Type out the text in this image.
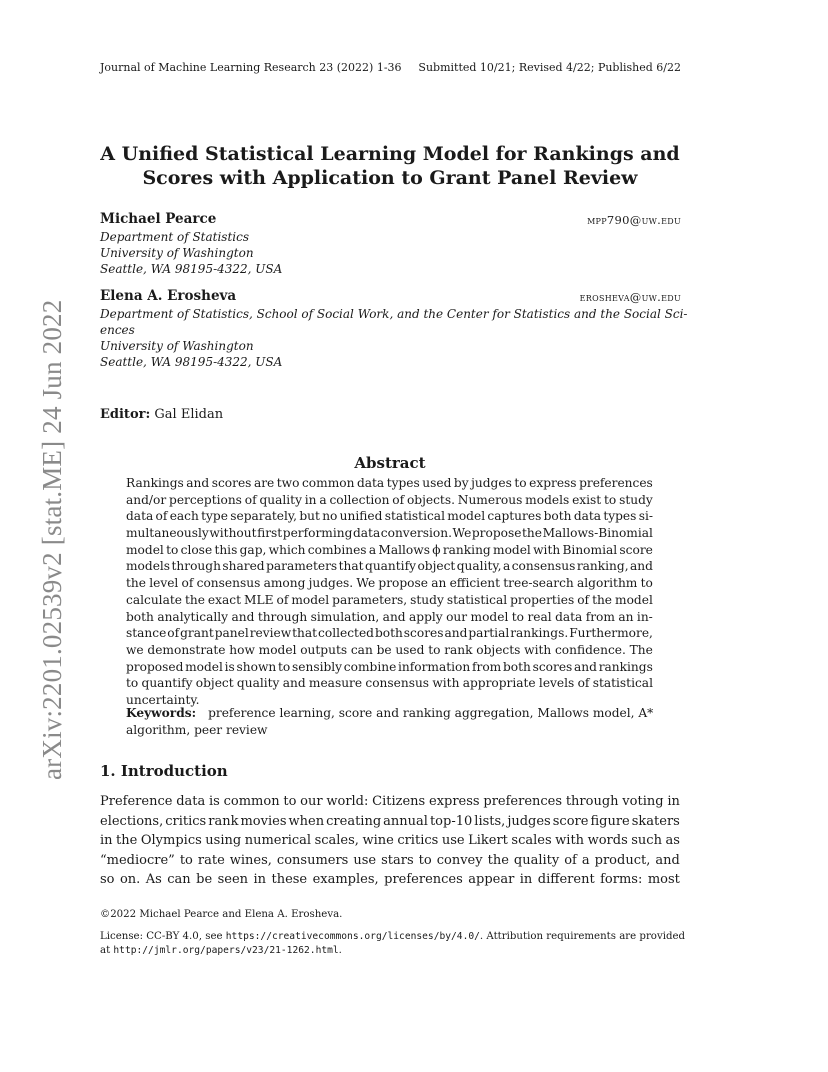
Journal of Machine Learning Research 23 (2022) 1-36 Submitted 10/21; Revised 4/22; Published 6/22
A Unified Statistical Learning Model for Rankings and
Scores with Application to Grant Panel Review
Michael Pearce	mpp790@uw.edu
Department of Statistics
University of Washington
Seattle, WA 98195-4322, USA
Elena A. Erosheva	erosheva@uw.edu
Department of Statistics, School of Social Work, and the Center for Statistics and the Social Sci-
ences
University of Washington
Seattle, WA 98195-4322, USA
Editor: Gal Elidan
Abstract
Rankings and scores are two common data types used by judges to express preferences
and/or perceptions of quality in a collection of objects. Numerous models exist to study
data of each type separately, but no unified statistical model captures both data types si-
multaneously without first performing data conversion. We propose the Mallows-Binomial
model to close this gap, which combines a Mallows ϕ ranking model with Binomial score
models through shared parameters that quantify object quality, a consensus ranking, and
the level of consensus among judges. We propose an efficient tree-search algorithm to
calculate the exact MLE of model parameters, study statistical properties of the model
both analytically and through simulation, and apply our model to real data from an in-
stance of grant panel review that collected both scores and partial rankings. Furthermore,
we demonstrate how model outputs can be used to rank objects with confidence. The
proposed model is shown to sensibly combine information from both scores and rankings
to quantify object quality and measure consensus with appropriate levels of statistical
uncertainty.
Keywords: preference learning, score and ranking aggregation, Mallows model, A*
algorithm, peer review
1. Introduction
Preference data is common to our world: Citizens express preferences through voting in
elections, critics rank movies when creating annual top-10 lists, judges score figure skaters
in the Olympics using numerical scales, wine critics use Likert scales with words such as
“mediocre” to rate wines, consumers use stars to convey the quality of a product, and
so on. As can be seen in these examples, preferences appear in different forms: most
©2022 Michael Pearce and Elena A. Erosheva.
License: CC-BY 4.0, see https://creativecommons.org/licenses/by/4.0/. Attribution requirements are provided
at http://jmlr.org/papers/v23/21-1262.html.
arXiv:2201.02539v2 [stat.ME] 24 Jun 2022
